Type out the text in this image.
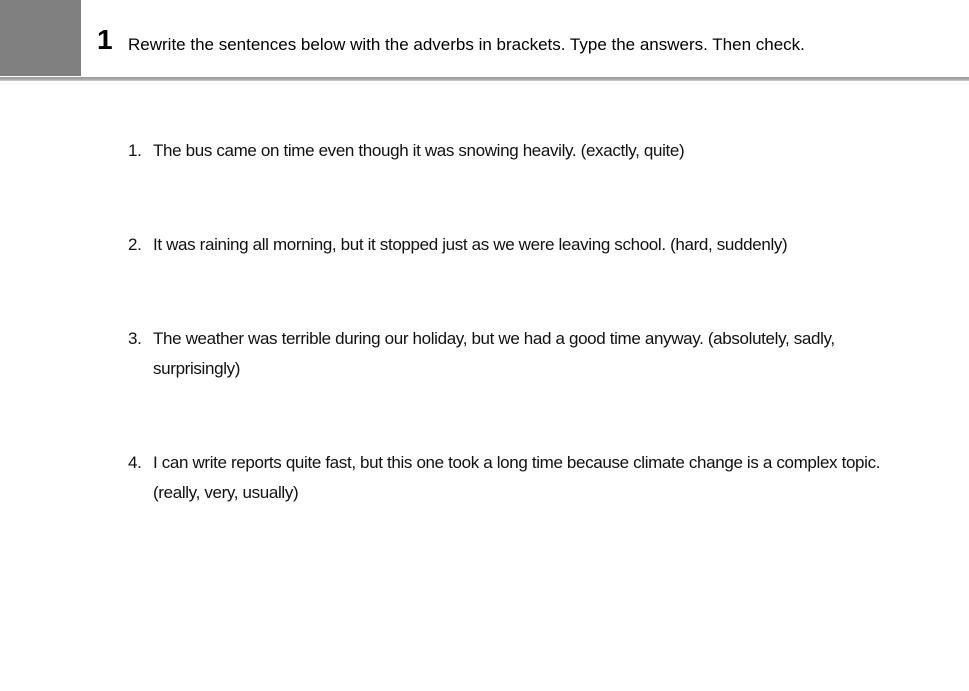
1 Rewrite the sentences below with the adverbs in brackets. Type the answers. Then check.
1. The bus came on time even though it was snowing heavily. (exactly, quite)
2. It was raining all morning, but it stopped just as we were leaving school. (hard, suddenly)
3. The weather was terrible during our holiday, but we had a good time anyway. (absolutely, sadly, surprisingly)
4. I can write reports quite fast, but this one took a long time because climate change is a complex topic. (really, very, usually)
